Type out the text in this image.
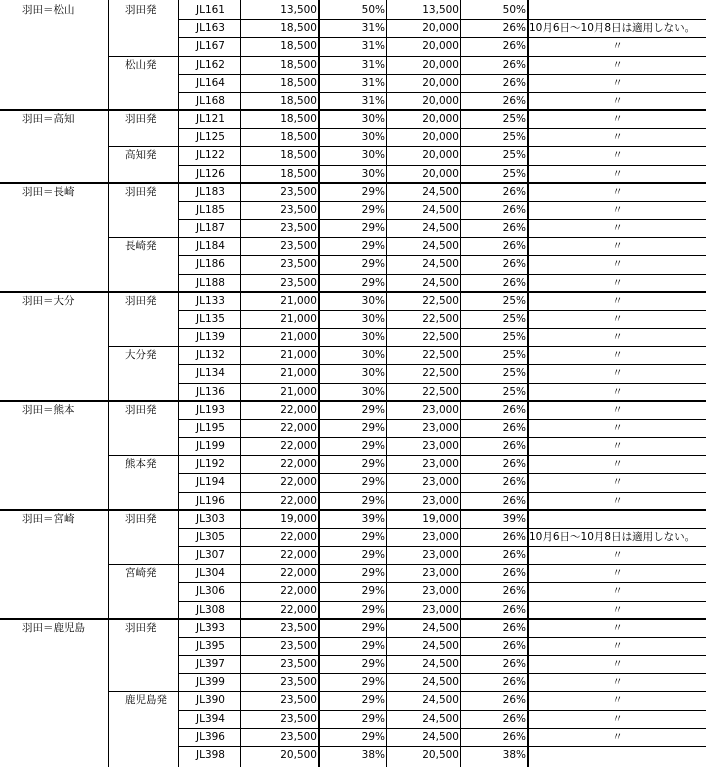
羽田＝松山	羽田発	JL161	13,500	50%	13,500	50%
JL163	18,500	31%	20,000	26% 10月6日～10月8日は適用しない。
JL167	18,500	31%	20,000	26%	〃
松山発	JL162	18,500	31%	20,000	26%	〃
JL164	18,500	31%	20,000	26%	〃
JL168	18,500	31%	20,000	26%	〃
羽田＝高知	羽田発	JL121	18,500	30%	20,000	25%	〃
JL125	18,500	30%	20,000	25%	〃
高知発	JL122	18,500	30%	20,000	25%	〃
JL126	18,500	30%	20,000	25%	〃
羽田＝長崎	羽田発	JL183	23,500	29%	24,500	26%	〃
JL185	23,500	29%	24,500	26%	〃
JL187	23,500	29%	24,500	26%	〃
長崎発	JL184	23,500	29%	24,500	26%	〃
JL186	23,500	29%	24,500	26%	〃
JL188	23,500	29%	24,500	26%	〃
羽田＝大分	羽田発	JL133	21,000	30%	22,500	25%	〃
JL135	21,000	30%	22,500	25%	〃
JL139	21,000	30%	22,500	25%	〃
大分発	JL132	21,000	30%	22,500	25%	〃
JL134	21,000	30%	22,500	25%	〃
JL136	21,000	30%	22,500	25%	〃
羽田＝熊本	羽田発	JL193	22,000	29%	23,000	26%	〃
JL195	22,000	29%	23,000	26%	〃
JL199	22,000	29%	23,000	26%	〃
熊本発	JL192	22,000	29%	23,000	26%	〃
JL194	22,000	29%	23,000	26%	〃
JL196	22,000	29%	23,000	26%	〃
羽田＝宮崎	羽田発	JL303	19,000	39%	19,000	39%
JL305	22,000	29%	23,000	26% 10月6日～10月8日は適用しない。
JL307	22,000	29%	23,000	26%	〃
宮崎発	JL304	22,000	29%	23,000	26%	〃
JL306	22,000	29%	23,000	26%	〃
JL308	22,000	29%	23,000	26%	〃
羽田＝鹿児島	羽田発	JL393	23,500	29%	24,500	26%	〃
JL395	23,500	29%	24,500	26%	〃
JL397	23,500	29%	24,500	26%	〃
JL399	23,500	29%	24,500	26%	〃
鹿児島発	JL390	23,500	29%	24,500	26%	〃
JL394	23,500	29%	24,500	26%	〃
JL396	23,500	29%	24,500	26%	〃
JL398	20,500	38%	20,500	38%
